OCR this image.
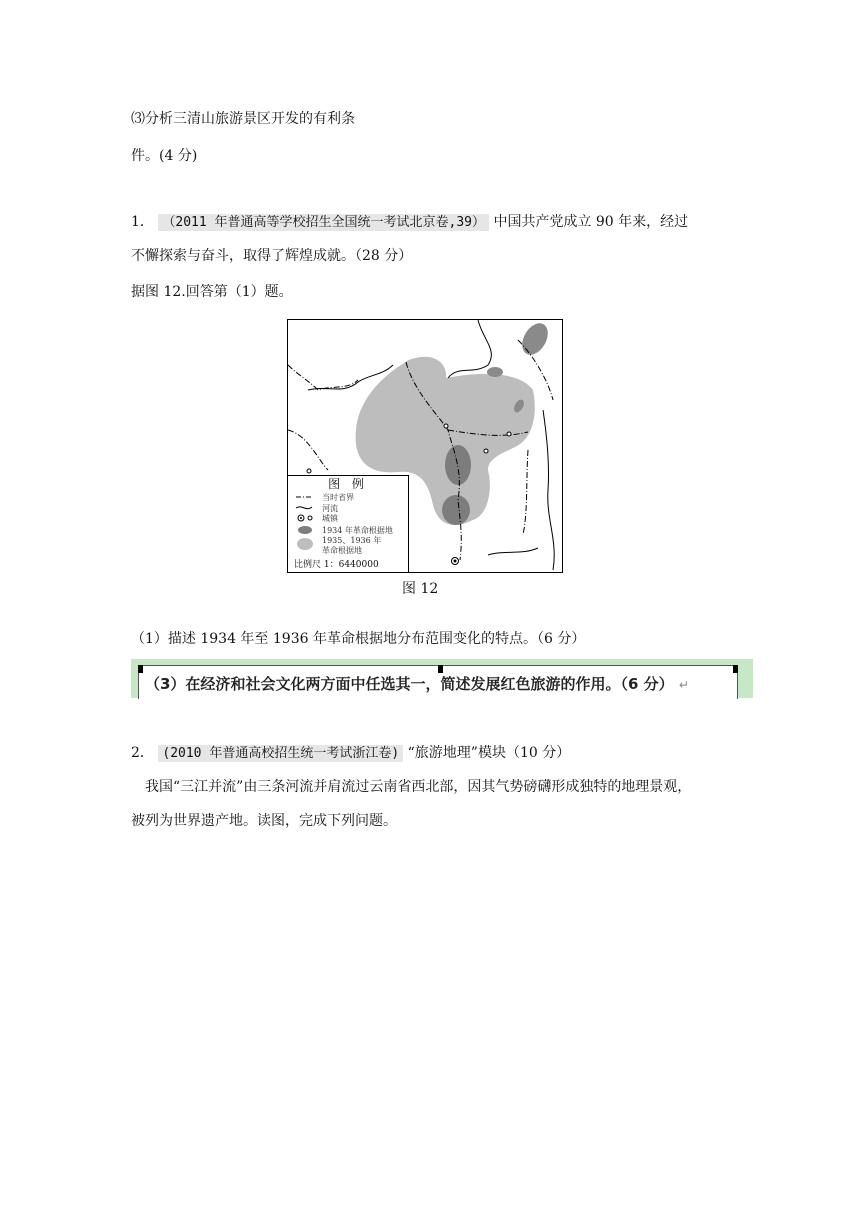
⑶分析三清山旅游景区开发的有利条
件。(4 分)
1． （2011 年普通高等学校招生全国统一考试北京卷,39） 中国共产党成立 90 年来，经过
不懈探索与奋斗，取得了辉煌成就。（28 分）
据图 12.回答第（1）题。
图 例
当时省界
河流
城镇
1934 年革命根据地
1935、1936 年
革命根据地
比例尺 1：6440000
图 12
（1）描述 1934 年至 1936 年革命根据地分布范围变化的特点。（6 分）
（3）在经济和社会文化两方面中任选其一，简述发展红色旅游的作用。（6 分） ↵
2． (2010 年普通高校招生统一考试浙江卷) “旅游地理”模块（10 分）
我国“三江并流”由三条河流并肩流过云南省西北部，因其气势磅礴形成独特的地理景观，
被列为世界遗产地。读图，完成下列问题。
